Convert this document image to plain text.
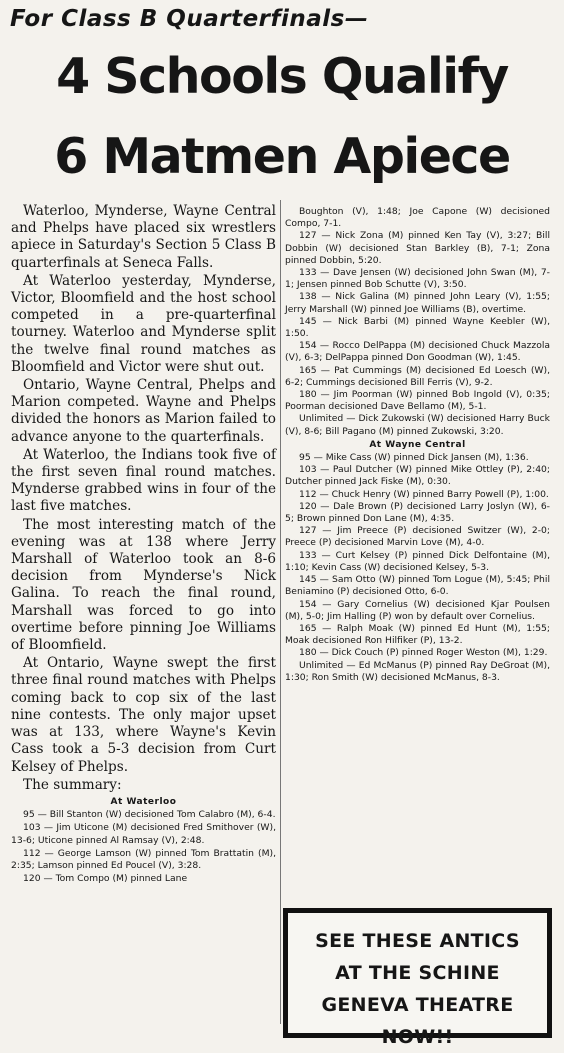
For Class B Quarterfinals—
4 Schools Qualify
6 Matmen Apiece

Waterloo, Mynderse, Wayne Central and Phelps have placed six wrestlers apiece in Saturday's Section 5 Class B quarterfinals at Seneca Falls.

At Waterloo yesterday, Mynderse, Victor, Bloomfield and the host school competed in a pre-quarterfinal tourney. Waterloo and Mynderse split the twelve final round matches as Bloomfield and Victor were shut out.

Ontario, Wayne Central, Phelps and Marion competed. Wayne and Phelps divided the honors as Marion failed to advance anyone to the quarterfinals.

At Waterloo, the Indians took five of the first seven final round matches. Mynderse grabbed wins in four of the last five matches.

The most interesting match of the evening was at 138 where Jerry Marshall of Waterloo took an 8-6 decision from Mynderse's Nick Galina. To reach the final round, Marshall was forced to go into overtime before pinning Joe Williams of Bloomfield.

At Ontario, Wayne swept the first three final round matches with Phelps coming back to cop six of the last nine contests. The only major upset was at 133, where Wayne's Kevin Cass took a 5-3 decision from Curt Kelsey of Phelps.

The summary:

At Waterloo

95 — Bill Stanton (W) decisioned Tom Calabro (M), 6-4.

103 — Jim Uticone (M) decisioned Fred Smithover (W), 13-6; Uticone pinned Al Ramsay (V), 2:48.

112 — George Lamson (W) pinned Tom Brattatin (M), 2:35; Lamson pinned Ed Poucel (V), 3:28.

120 — Tom Compo (M) pinned Lane

Boughton (V), 1:48; Joe Capone (W) decisioned Compo, 7-1.

127 — Nick Zona (M) pinned Ken Tay (V), 3:27; Bill Dobbin (W) decisioned Stan Barkley (B), 7-1; Zona pinned Dobbin, 5:20.

133 — Dave Jensen (W) decisioned John Swan (M), 7-1; Jensen pinned Bob Schutte (V), 3:50.

138 — Nick Galina (M) pinned John Leary (V), 1:55; Jerry Marshall (W) pinned Joe Williams (B), overtime.

145 — Nick Barbi (M) pinned Wayne Keebler (W), 1:50.

154 — Rocco DelPappa (M) decisioned Chuck Mazzola (V), 6-3; DelPappa pinned Don Goodman (W), 1:45.

165 — Pat Cummings (M) decisioned Ed Loesch (W), 6-2; Cummings decisioned Bill Ferris (V), 9-2.

180 — Jim Poorman (W) pinned Bob Ingold (V), 0:35; Poorman decisioned Dave Bellamo (M), 5-1.

Unlimited — Dick Zukowski (W) decisioned Harry Buck (V), 8-6; Bill Pagano (M) pinned Zukowski, 3:20.

At Wayne Central

95 — Mike Cass (W) pinned Dick Jansen (M), 1:36.

103 — Paul Dutcher (W) pinned Mike Ottley (P), 2:40; Dutcher pinned Jack Fiske (M), 0:30.

112 — Chuck Henry (W) pinned Barry Powell (P), 1:00.

120 — Dale Brown (P) decisioned Larry Joslyn (W), 6-5; Brown pinned Don Lane (M), 4:35.

127 — Jim Preece (P) decisioned Switzer (W), 2-0; Preece (P) decisioned Marvin Love (M), 4-0.

133 — Curt Kelsey (P) pinned Dick Delfontaine (M), 1:10; Kevin Cass (W) decisioned Kelsey, 5-3.

145 — Sam Otto (W) pinned Tom Logue (M), 5:45; Phil Beniamino (P) decisioned Otto, 6-0.

154 — Gary Cornelius (W) decisioned Kjar Poulsen (M), 5-0; Jim Halling (P) won by default over Cornelius.

165 — Ralph Moak (W) pinned Ed Hunt (M), 1:55; Moak decisioned Ron Hilfiker (P), 13-2.

180 — Dick Couch (P) pinned Roger Weston (M), 1:29.

Unlimited — Ed McManus (P) pinned Ray DeGroat (M), 1:30; Ron Smith (W) decisioned McManus, 8-3.

SEE THESE ANTICS
AT THE SCHINE
GENEVA THEATRE
NOW!!
